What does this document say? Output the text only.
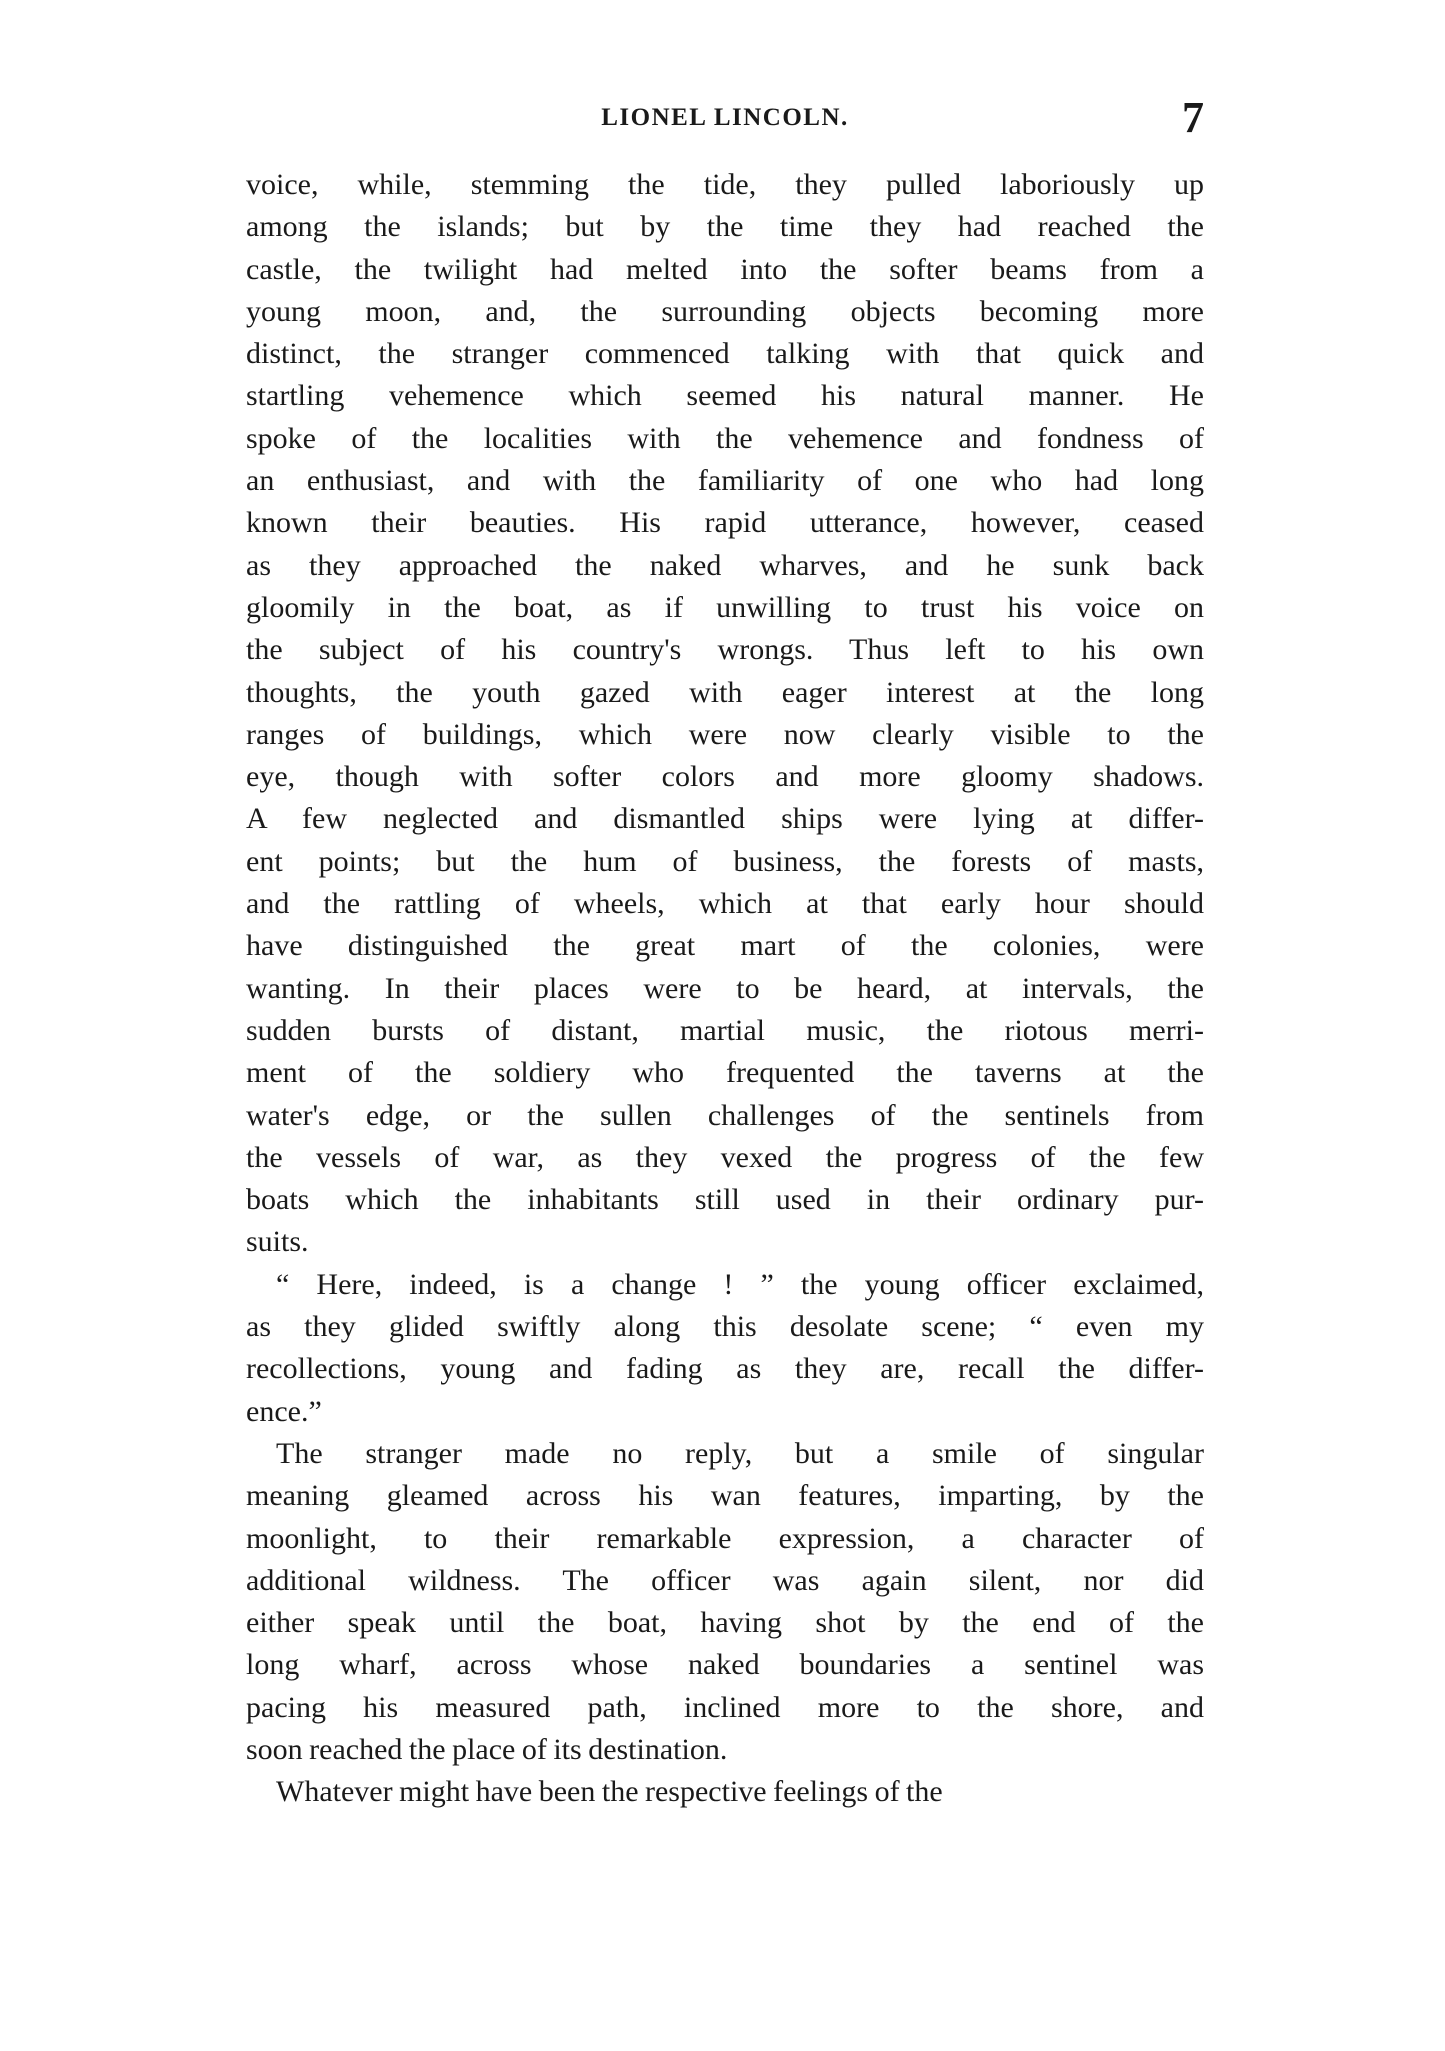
LIONEL LINCOLN.	7
voice, while, stemming the tide, they pulled laboriously up
among the islands; but by the time they had reached the
castle, the twilight had melted into the softer beams from a
young moon, and, the surrounding objects becoming more
distinct, the stranger commenced talking with that quick and
startling vehemence which seemed his natural manner. He
spoke of the localities with the vehemence and fondness of
an enthusiast, and with the familiarity of one who had long
known their beauties. His rapid utterance, however, ceased
as they approached the naked wharves, and he sunk back
gloomily in the boat, as if unwilling to trust his voice on
the subject of his country's wrongs. Thus left to his own
thoughts, the youth gazed with eager interest at the long
ranges of buildings, which were now clearly visible to the
eye, though with softer colors and more gloomy shadows.
A few neglected and dismantled ships were lying at differ-
ent points; but the hum of business, the forests of masts,
and the rattling of wheels, which at that early hour should
have distinguished the great mart of the colonies, were
wanting. In their places were to be heard, at intervals, the
sudden bursts of distant, martial music, the riotous merri-
ment of the soldiery who frequented the taverns at the
water's edge, or the sullen challenges of the sentinels from
the vessels of war, as they vexed the progress of the few
boats which the inhabitants still used in their ordinary pur-
suits.
“ Here, indeed, is a change ! ” the young officer exclaimed,
as they glided swiftly along this desolate scene; “ even my
recollections, young and fading as they are, recall the differ-
ence.”
The stranger made no reply, but a smile of singular
meaning gleamed across his wan features, imparting, by the
moonlight, to their remarkable expression, a character of
additional wildness. The officer was again silent, nor did
either speak until the boat, having shot by the end of the
long wharf, across whose naked boundaries a sentinel was
pacing his measured path, inclined more to the shore, and
soon reached the place of its destination.
Whatever might have been the respective feelings of the
